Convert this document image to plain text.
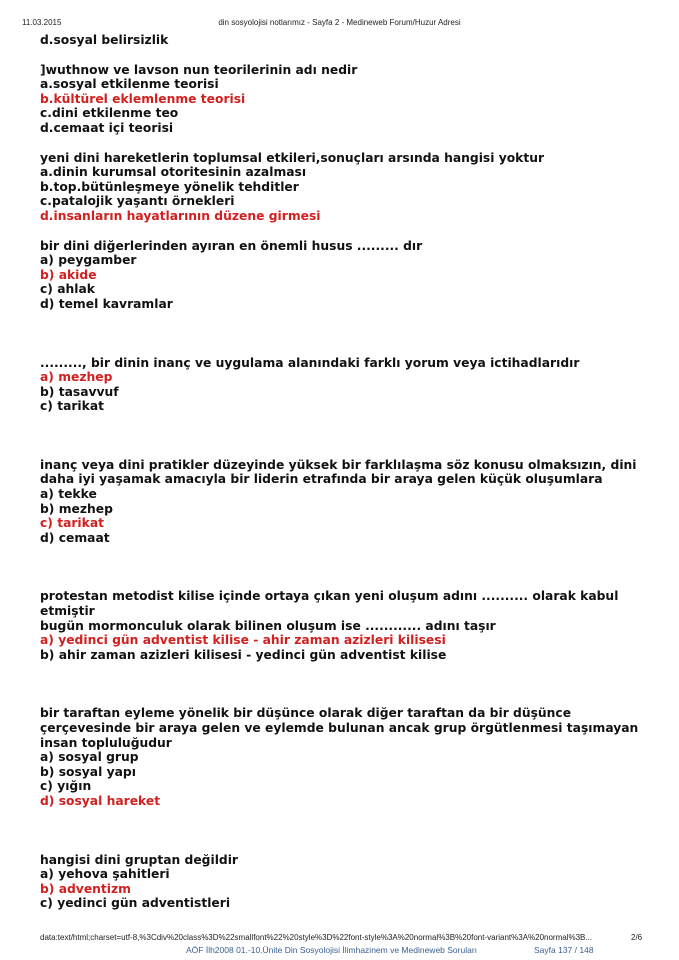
11.03.2015	din sosyolojisi notlarımız - Sayfa 2 - Medineweb Forum/Huzur Adresi
d.sosyal belirsizlik
]wuthnow ve lavson nun teorilerinin adı nedir
a.sosyal etkilenme teorisi
b.kültürel eklemlenme teorisi
c.dini etkilenme teo
d.cemaat içi teorisi
yeni dini hareketlerin toplumsal etkileri,sonuçları arsında hangisi yoktur
a.dinin kurumsal otoritesinin azalması
b.top.bütünleşmeye yönelik tehditler
c.patalojik yaşantı örnekleri
d.insanların hayatlarının düzene girmesi
bir dini diğerlerinden ayıran en önemli husus ......... dır
a) peygamber
b) akide
c) ahlak
d) temel kavramlar
........., bir dinin inanç ve uygulama alanındaki farklı yorum veya ictihadlarıdır
a) mezhep
b) tasavvuf
c) tarikat
inanç veya dini pratikler düzeyinde yüksek bir farklılaşma söz konusu olmaksızın, dini daha iyi yaşamak amacıyla bir liderin etrafında bir araya gelen küçük oluşumlara
a) tekke
b) mezhep
c) tarikat
d) cemaat
protestan metodist kilise içinde ortaya çıkan yeni oluşum adını .......... olarak kabul etmiştir
bugün mormonculuk olarak bilinen oluşum ise ............ adını taşır
a) yedinci gün adventist kilise - ahir zaman azizleri kilisesi
b) ahir zaman azizleri kilisesi - yedinci gün adventist kilise
bir taraftan eyleme yönelik bir düşünce olarak diğer taraftan da bir düşünce çerçevesinde bir araya gelen ve eylemde bulunan ancak grup örgütlenmesi taşımayan insan topluluğudur
a) sosyal grup
b) sosyal yapı
c) yığın
d) sosyal hareket
hangisi dini gruptan değildir
a) yehova şahitleri
b) adventizm
c) yedinci gün adventistleri
data:text/html;charset=utf-8,%3Cdiv%20class%3D%22smallfont%22%20style%3D%22font-style%3A%20normal%3B%20font-variant%3A%20normal%3B...	2/6
AÖF İlh2008 01.-10.Ünite Din Sosyolojisi İlimhazinem ve Medineweb Soruları	Sayfa 137 / 148
